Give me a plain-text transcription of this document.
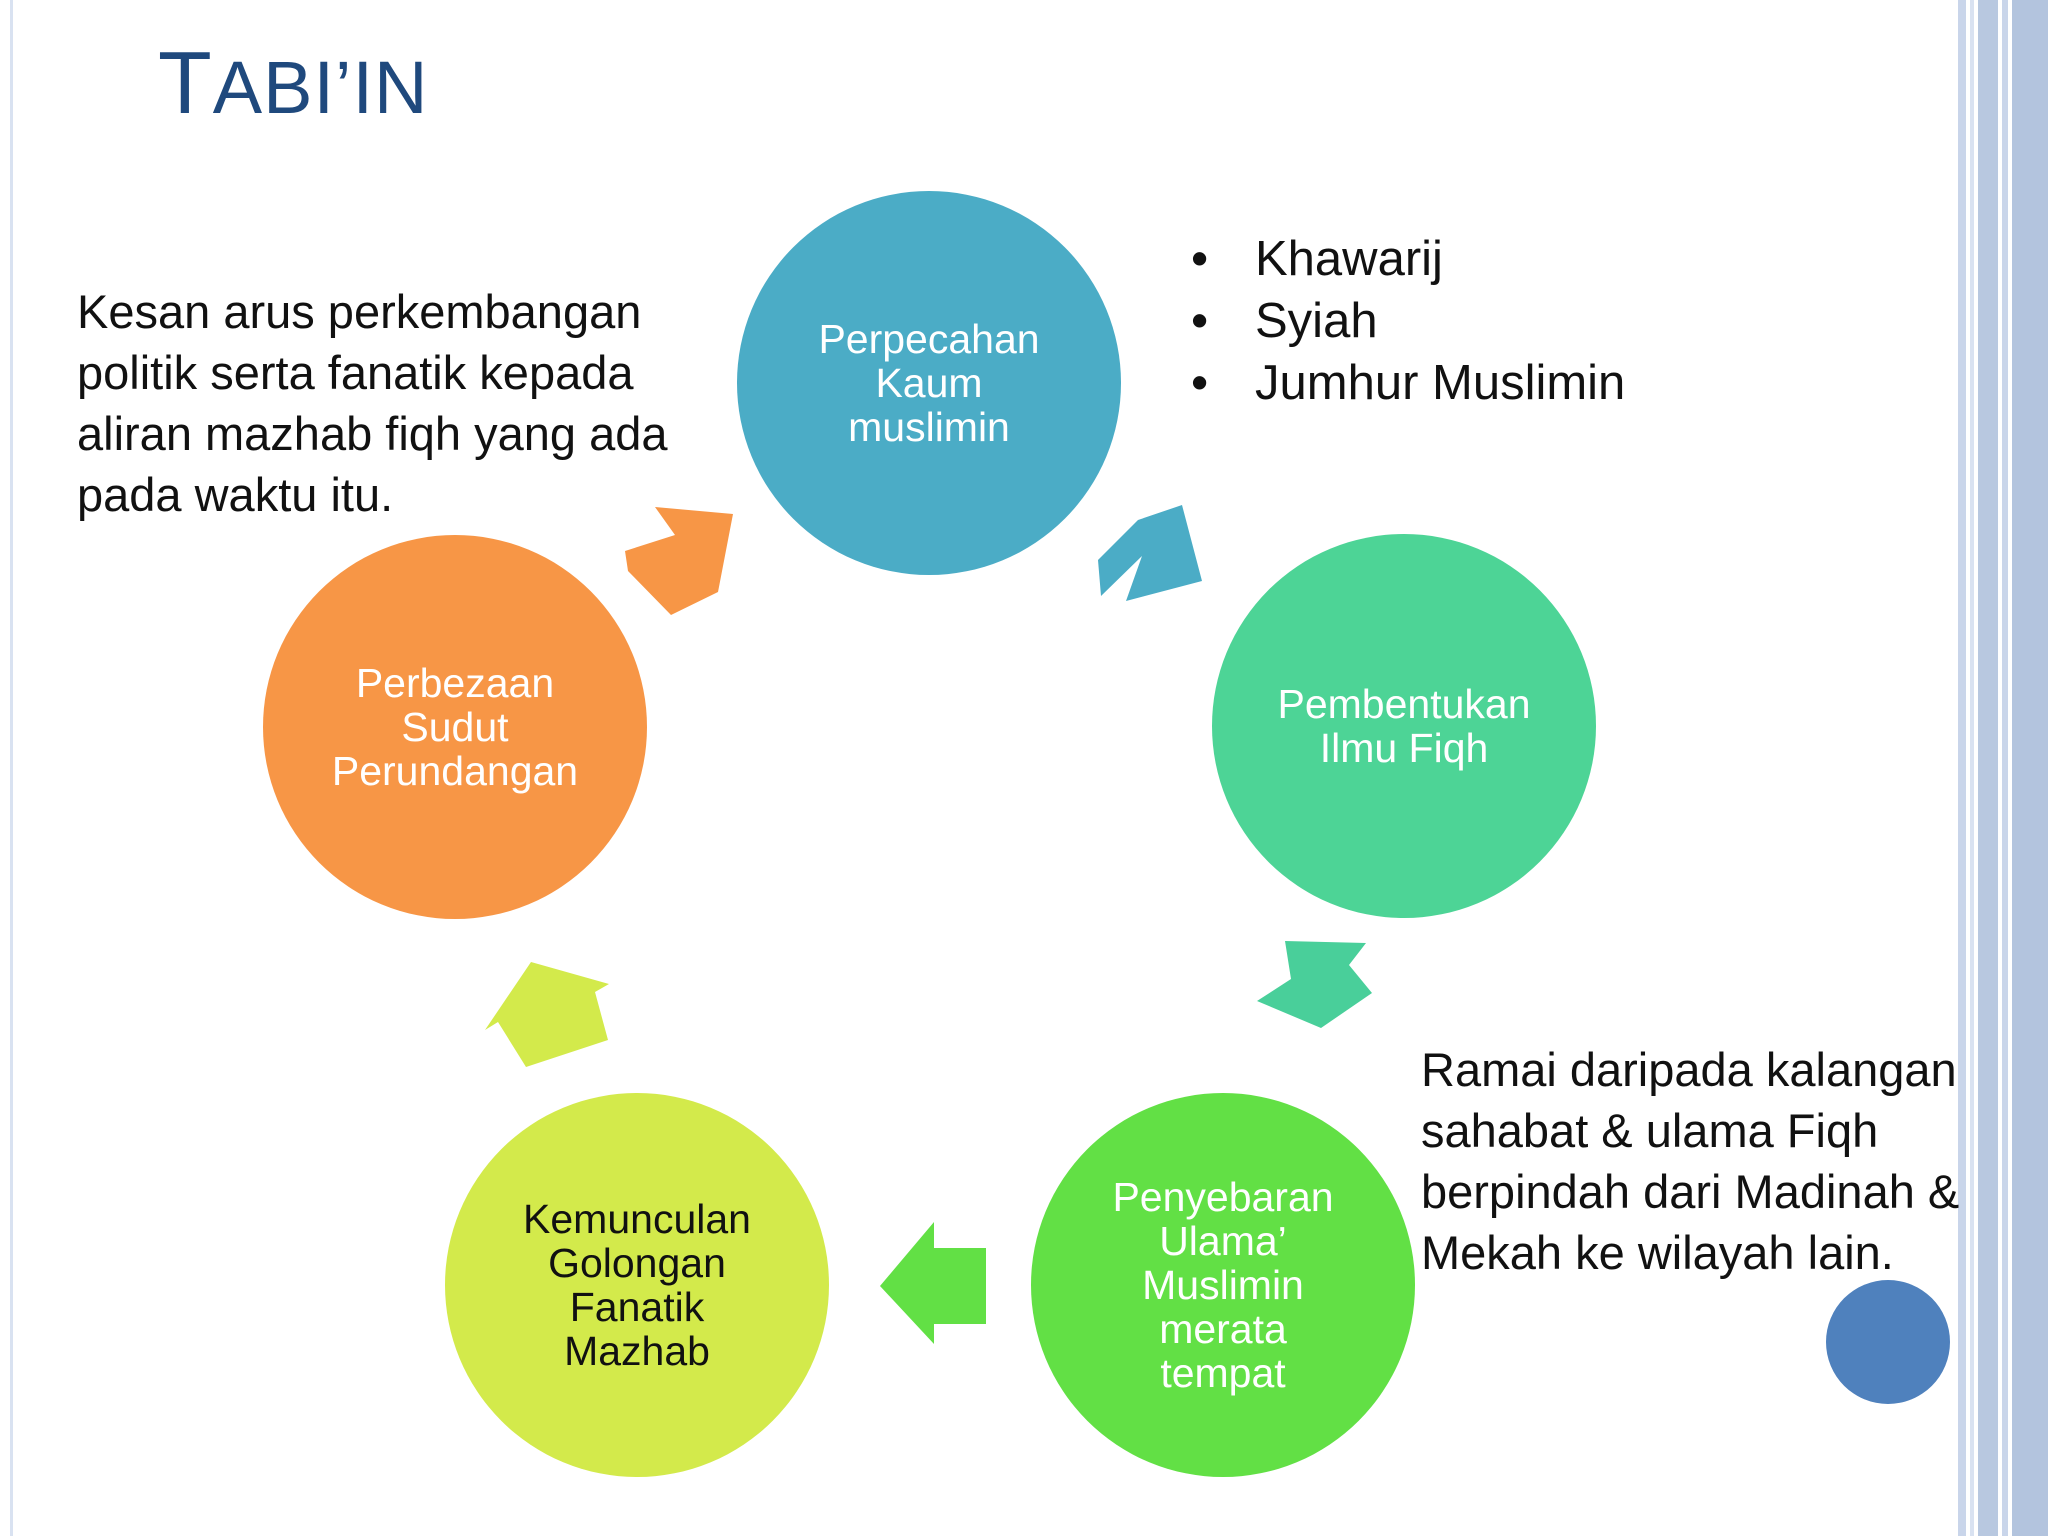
TABI’IN
Perpecahan
Kaum
muslimin
Pembentukan
Ilmu Fiqh
Penyebaran
Ulama’
Muslimin
merata
tempat
Kemunculan
Golongan
Fanatik
Mazhab
Perbezaan
Sudut
Perundangan
Kesan arus perkembangan politik serta fanatik kepada aliran mazhab fiqh yang ada pada waktu itu.
• Khawarij
• Syiah
• Jumhur Muslimin
Ramai daripada kalangan sahabat & ulama Fiqh berpindah dari Madinah & Mekah ke wilayah lain.
